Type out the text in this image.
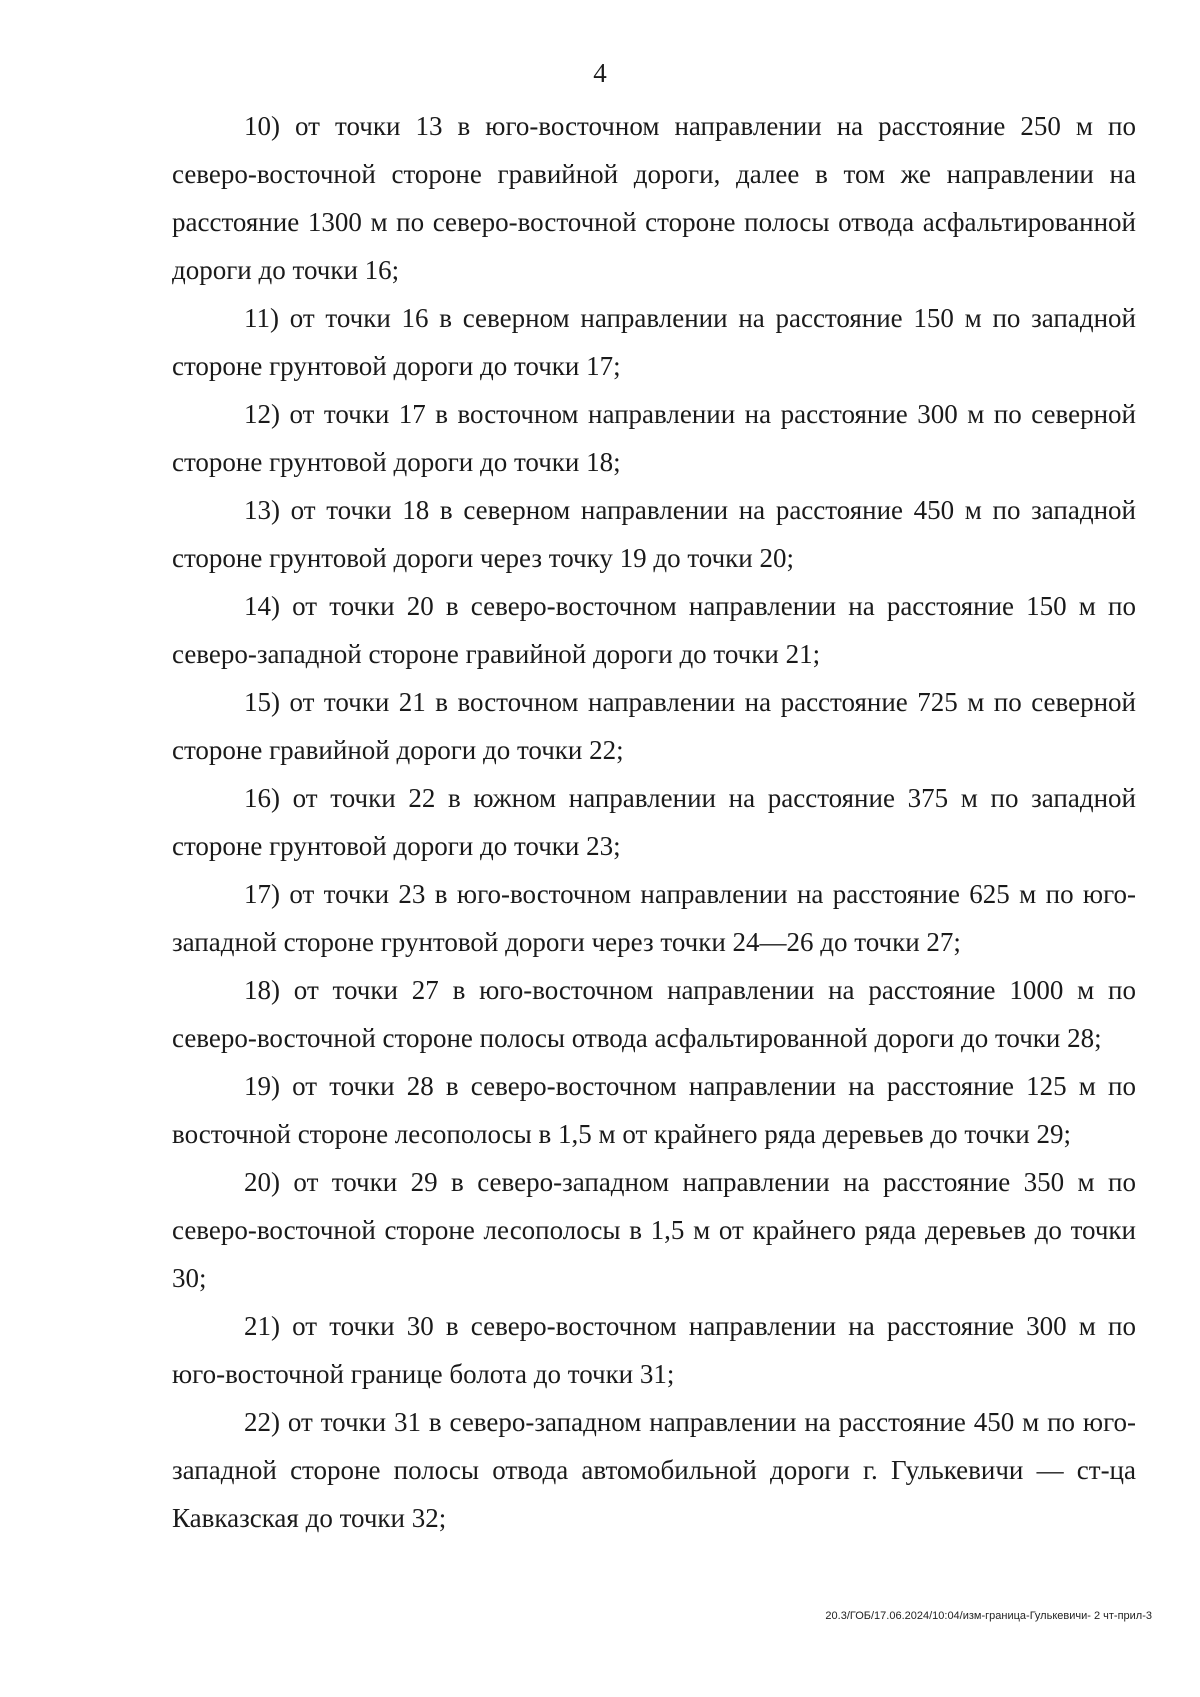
4

10) от точки 13 в юго-восточном направлении на расстояние 250 м по северо-восточной стороне гравийной дороги, далее в том же направлении на расстояние 1300 м по северо-восточной стороне полосы отвода асфальтированной дороги до точки 16;

11) от точки 16 в северном направлении на расстояние 150 м по западной стороне грунтовой дороги до точки 17;

12) от точки 17 в восточном направлении на расстояние 300 м по северной стороне грунтовой дороги до точки 18;

13) от точки 18 в северном направлении на расстояние 450 м по западной стороне грунтовой дороги через точку 19 до точки 20;

14) от точки 20 в северо-восточном направлении на расстояние 150 м по северо-западной стороне гравийной дороги до точки 21;

15) от точки 21 в восточном направлении на расстояние 725 м по северной стороне гравийной дороги до точки 22;

16) от точки 22 в южном направлении на расстояние 375 м по западной стороне грунтовой дороги до точки 23;

17) от точки 23 в юго-восточном направлении на расстояние 625 м по юго-западной стороне грунтовой дороги через точки 24—26 до точки 27;

18) от точки 27 в юго-восточном направлении на расстояние 1000 м по северо-восточной стороне полосы отвода асфальтированной дороги до точки 28;

19) от точки 28 в северо-восточном направлении на расстояние 125 м по восточной стороне лесополосы в 1,5 м от крайнего ряда деревьев до точки 29;

20) от точки 29 в северо-западном направлении на расстояние 350 м по северо-восточной стороне лесополосы в 1,5 м от крайнего ряда деревьев до точки 30;

21) от точки 30 в северо-восточном направлении на расстояние 300 м по юго-восточной границе болота до точки 31;

22) от точки 31 в северо-западном направлении на расстояние 450 м по юго-западной стороне полосы отвода автомобильной дороги г. Гулькевичи — ст-ца Кавказская до точки 32;

20.3/ГОБ/17.06.2024/10:04/изм-граница-Гулькевичи- 2 чт-прил-3
